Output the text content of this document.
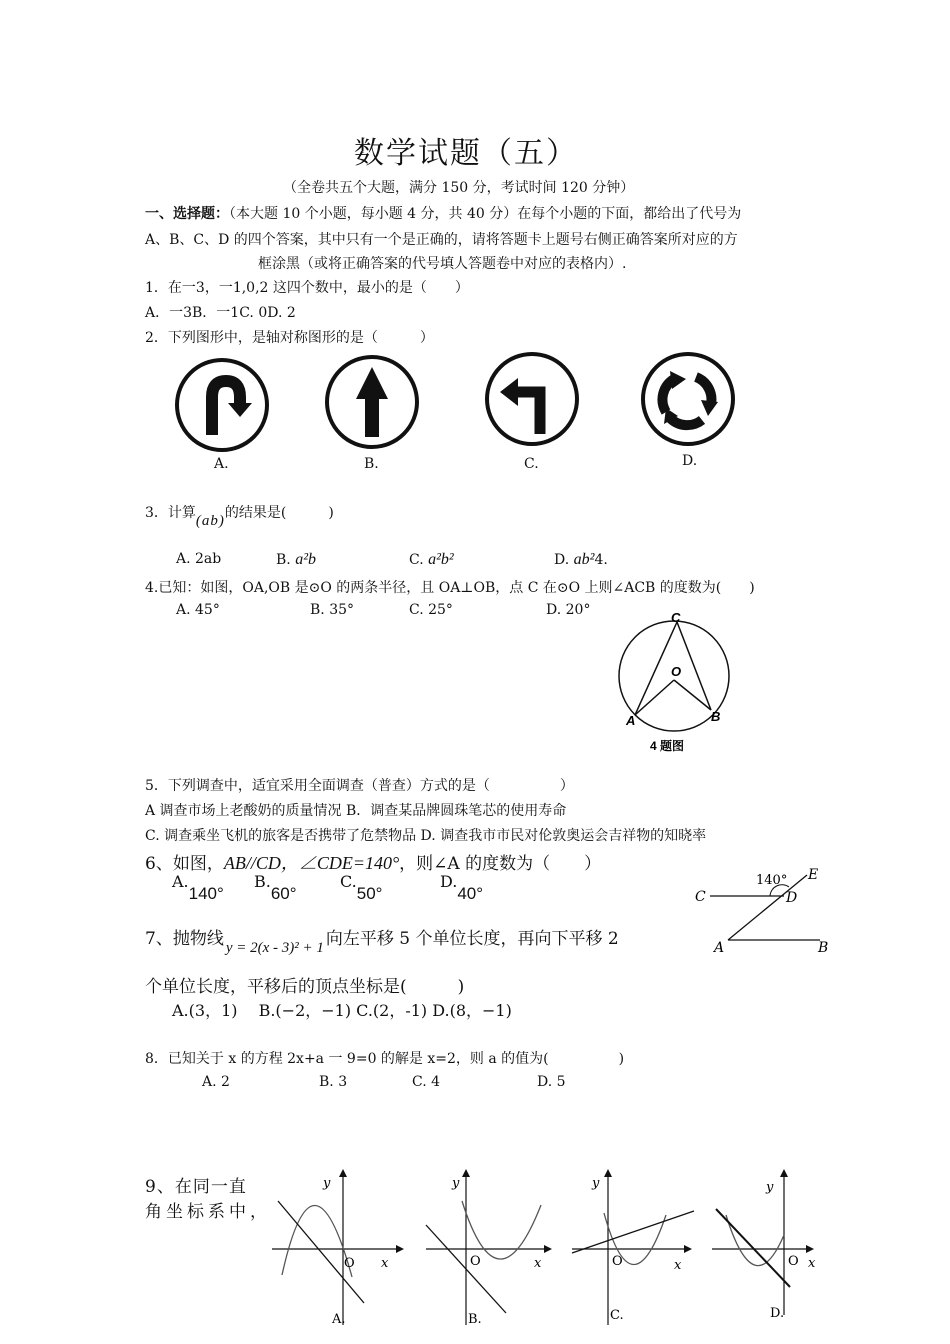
数学试题（五）
（全卷共五个大题，满分 150 分，考试时间 120 分钟）
一、选择题：（本大题 10 个小题，每小题 4 分，共 40 分）在每个小题的下面，都给出了代号为
A、B、C、D 的四个答案，其中只有一个是正确的，请将答题卡上题号右侧正确答案所对应的方
框涂黑（或将正确答案的代号填人答题卷中对应的表格内）.
1．在一3，一1,0,2 这四个数中，最小的是（　　）
A．一3B．一1C. 0D. 2
2．下列图形中，是轴对称图形的是（　　　）
A.	B.	C.	D.
3．计算(ab)的结果是(　　　)
A. 2ab	B. a²b	C. a²b²	D. ab²4.
4.已知：如图，OA,OB 是⊙O 的两条半径，且 OA⊥OB，点 C 在⊙O 上则∠ACB 的度数为(　　)
A. 45°	B. 35°	C. 25°	D. 20°	C
O
A	B
4 题图
5．下列调查中，适宜采用全面调查（普查）方式的是（　　　　　）
A 调查市场上老酸奶的质量情况 B．调查某品牌圆珠笔芯的使用寿命
C. 调查乘坐飞机的旅客是否携带了危禁物品 D. 调查我市市民对伦敦奥运会吉祥物的知晓率
6、如图，AB//CD，∠CDE=140°，则∠A 的度数为（　　）
A.140°
B.60°
C.50°
D.40°
140° E
C	D
A	B
7、抛物线 y = 2(x - 3)² + 1 向左平移 5 个单位长度，再向下平移 2
个单位长度，平移后的顶点坐标是(　　　)
A.(3，1)　 B.(−2，−1) C.(2，-1) D.(8，−1)
8．已知关于 x 的方程 2x+a 一 9=0 的解是 x=2，则 a 的值为(　　　　　)
A. 2	B. 3	C. 4	D. 5
9、在同一直
角坐标系中，
y
x
O
A.
y
x
O
B.
y
x
O
C.
y
x
O
D.
